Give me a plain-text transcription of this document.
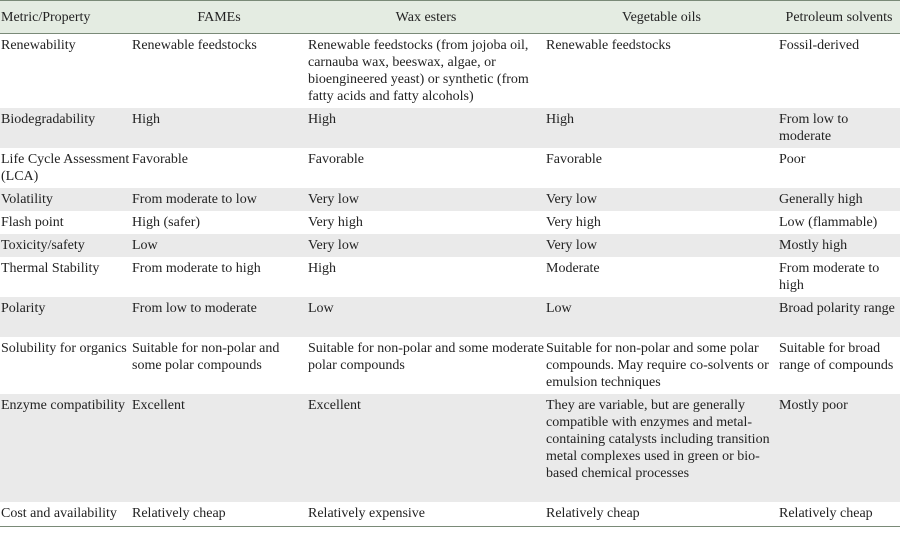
Metric/Property	FAMEs	Wax esters	Vegetable oils	Petroleum solvents
Renewability	Renewable feedstocks	Renewable feedstocks (from jojoba oil, carnauba wax, beeswax, algae, or bioengineered yeast) or synthetic (from fatty acids and fatty alcohols)	Renewable feedstocks	Fossil-derived
Biodegradability	High	High	High	From low to moderate
Life Cycle Assessment (LCA)	Favorable	Favorable	Favorable	Poor
Volatility	From moderate to low	Very low	Very low	Generally high
Flash point	High (safer)	Very high	Very high	Low (flammable)
Toxicity/safety	Low	Very low	Very low	Mostly high
Thermal Stability	From moderate to high	High	Moderate	From moderate to high
Polarity	From low to moderate	Low	Low	Broad polarity range
Solubility for organics	Suitable for non-polar and some polar compounds	Suitable for non-polar and some moderate polar compounds	Suitable for non-polar and some polar compounds. May require co-solvents or emulsion techniques	Suitable for broad range of compounds
Enzyme compatibility	Excellent	Excellent	They are variable, but are generally compatible with enzymes and metal-containing catalysts including transition metal complexes used in green or bio-based chemical processes	Mostly poor
Cost and availability	Relatively cheap	Relatively expensive	Relatively cheap	Relatively cheap
